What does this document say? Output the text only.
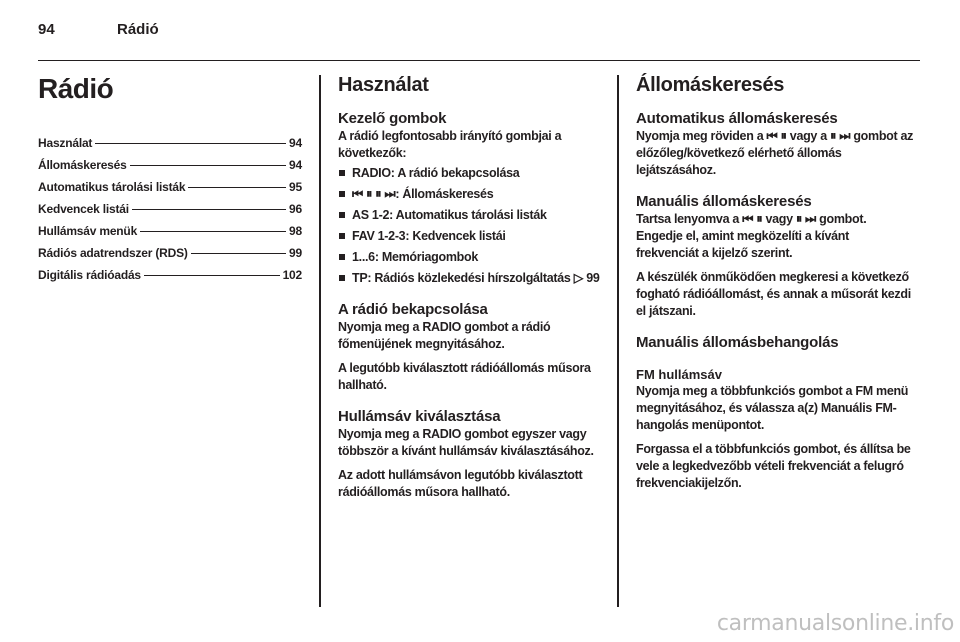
94	Rádió
Rádió
Használat	94
Állomáskeresés	94
Automatikus tárolási listák	95
Kedvencek listái	96
Hullámsáv menük	98
Rádiós adatrendszer (RDS)	99
Digitális rádióadás	102
Használat
Kezelő gombok

A rádió legfontosabb irányító gombjai a következők:

RADIO: A rádió bekapcsolása
⏮ ⏸ ⏸ ⏭: Állomáskeresés
AS 1-2: Automatikus tárolási listák
FAV 1-2-3: Kedvencek listái
1...6: Memóriagombok
TP: Rádiós közlekedési hírszolgáltatás ▷ 99
A rádió bekapcsolása

Nyomja meg a RADIO gombot a rádió főmenüjének megnyitásához.

A legutóbb kiválasztott rádióállomás műsora hallható.

Hullámsáv kiválasztása

Nyomja meg a RADIO gombot egyszer vagy többször a kívánt hullámsáv kiválasztásához.

Az adott hullámsávon legutóbb kiválasztott rádióállomás műsora hallható.

Állomáskeresés
Automatikus állomáskeresés

Nyomja meg röviden a ⏮ ⏸ vagy a ⏸ ⏭ gombot az előzőleg/következő elérhető állomás lejátszásához.

Manuális állomáskeresés

Tartsa lenyomva a ⏮ ⏸ vagy ⏸ ⏭ gombot. Engedje el, amint megközelíti a kívánt frekvenciát a kijelző szerint.

A készülék önműködően megkeresi a következő fogható rádióállomást, és annak a műsorát kezdi el játszani.

Manuális állomásbehangolás
FM hullámsáv

Nyomja meg a többfunkciós gombot a FM menü megnyitásához, és válassza a(z) Manuális FM-hangolás menüpontot.

Forgassa el a többfunkciós gombot, és állítsa be vele a legkedvezőbb vételi frekvenciát a felugró frekvenciakijelzőn.

carmanualsonline.info
